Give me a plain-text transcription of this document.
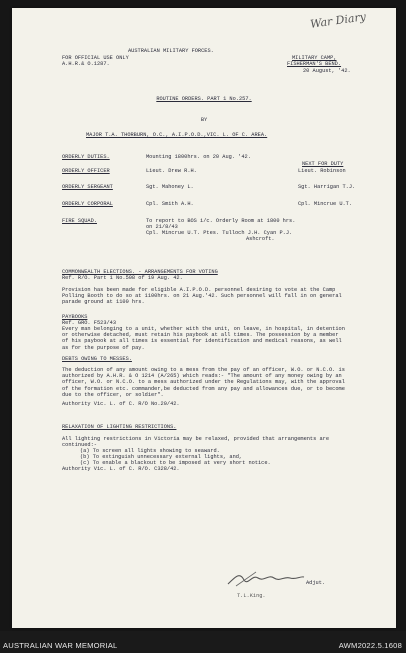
War Diary
AUSTRALIAN MILITARY FORCES.
FOR OFFICIAL USE ONLY
A.H.R.& O.1287.
MILITARY CAMP,
FISHERMAN'S BEND.
20 August, '42.
ROUTINE ORDERS. PART 1 No.257.
BY
MAJOR T.A. THORBURN, O.C., A.I.P.O.D.,VIC. L. OF C. AREA.
ORDERLY DUTIES.	Mounting 1800hrs. on 20 Aug. '42.
NEXT FOR DUTY
ORDERLY OFFICER	Lieut. Drew R.H.	Lieut. Robinson
ORDERLY SERGEANT	Sgt. Mahoney L.	Sgt. Harrigan T.J.
ORDERLY CORPORAL	Cpl. Smith A.H.	Cpl. Mincrue U.T.
FIRE SQUAD.	To report to BOS i/c. Orderly Room at 1800 hrs.
on 21/8/43
Cpl. Mincrue U.T. Ptes. Tulloch J.H. Cyan P.J.
Ashcroft.
COMMONWEALTH ELECTIONS. - ARRANGEMENTS FOR VOTING
Ref. R/O. Part 1 No.508 of 19 Aug. 42.
Provision has been made for eligible A.I.P.O.D. personnel desiring to vote at the Camp Polling Booth to do so at 1100hrs. on 21 Aug.'42. Such personnel will fall in on general parade ground at 1100 hrs.
PAYBOOKS
Ref. GRO. F523/43
Every man belonging to a unit, whether with the unit, on leave, in hospital, in detention or otherwise detached, must retain his paybook at all times. The possession by a member of his paybook at all times is essential for identification and medical reasons, as well as for the purpose of pay.
DEBTS OWING TO MESSES.
The deduction of any amount owing to a mess from the pay of an officer, W.O. or N.C.O. is authorized by A.H.R. & O 1214 (A/265) which reads:- "The amount of any money owing by an officer, W.O. or N.C.O. to a mess authorized under the Regulations may, with the approval of the formation etc. commander,be deducted from any pay and allowances due, or to become due to the officer, or soldier".
Authority Vic. L. of C. R/O No.20/42.
RELAXATION OF LIGHTING RESTRICTIONS.
All lighting restrictions in Victoria may be relaxed, provided that arrangements are continued:-
(a) To screen all lights showing to seaward.
(b) To extinguish unnecessary external lights, and,
(c) To enable a blackout to be imposed at very short notice.
Authority Vic. L. of C. R/O. C328/42.
Adjut.
T.L.King.
AUSTRALIAN WAR MEMORIAL	AWM2022.5.1608
